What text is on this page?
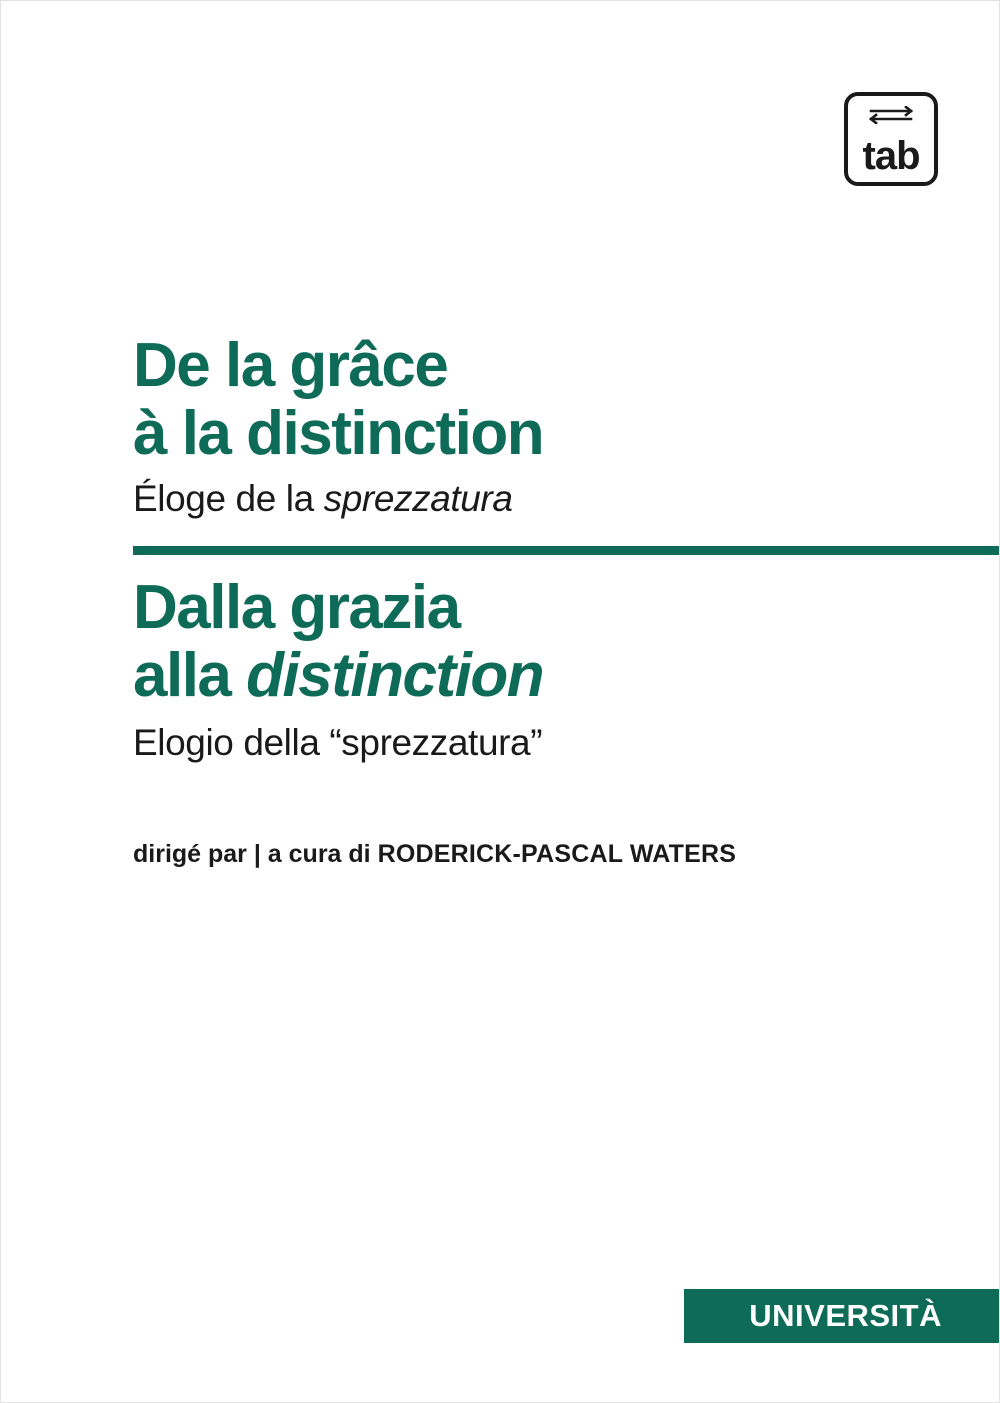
tab
De la grâce
à la distinction

Éloge de la sprezzatura

Dalla grazia
alla distinction

Elogio della “sprezzatura”

dirigé par | a cura di RODERICK-PASCAL WATERS
UNIVERSITÀ
